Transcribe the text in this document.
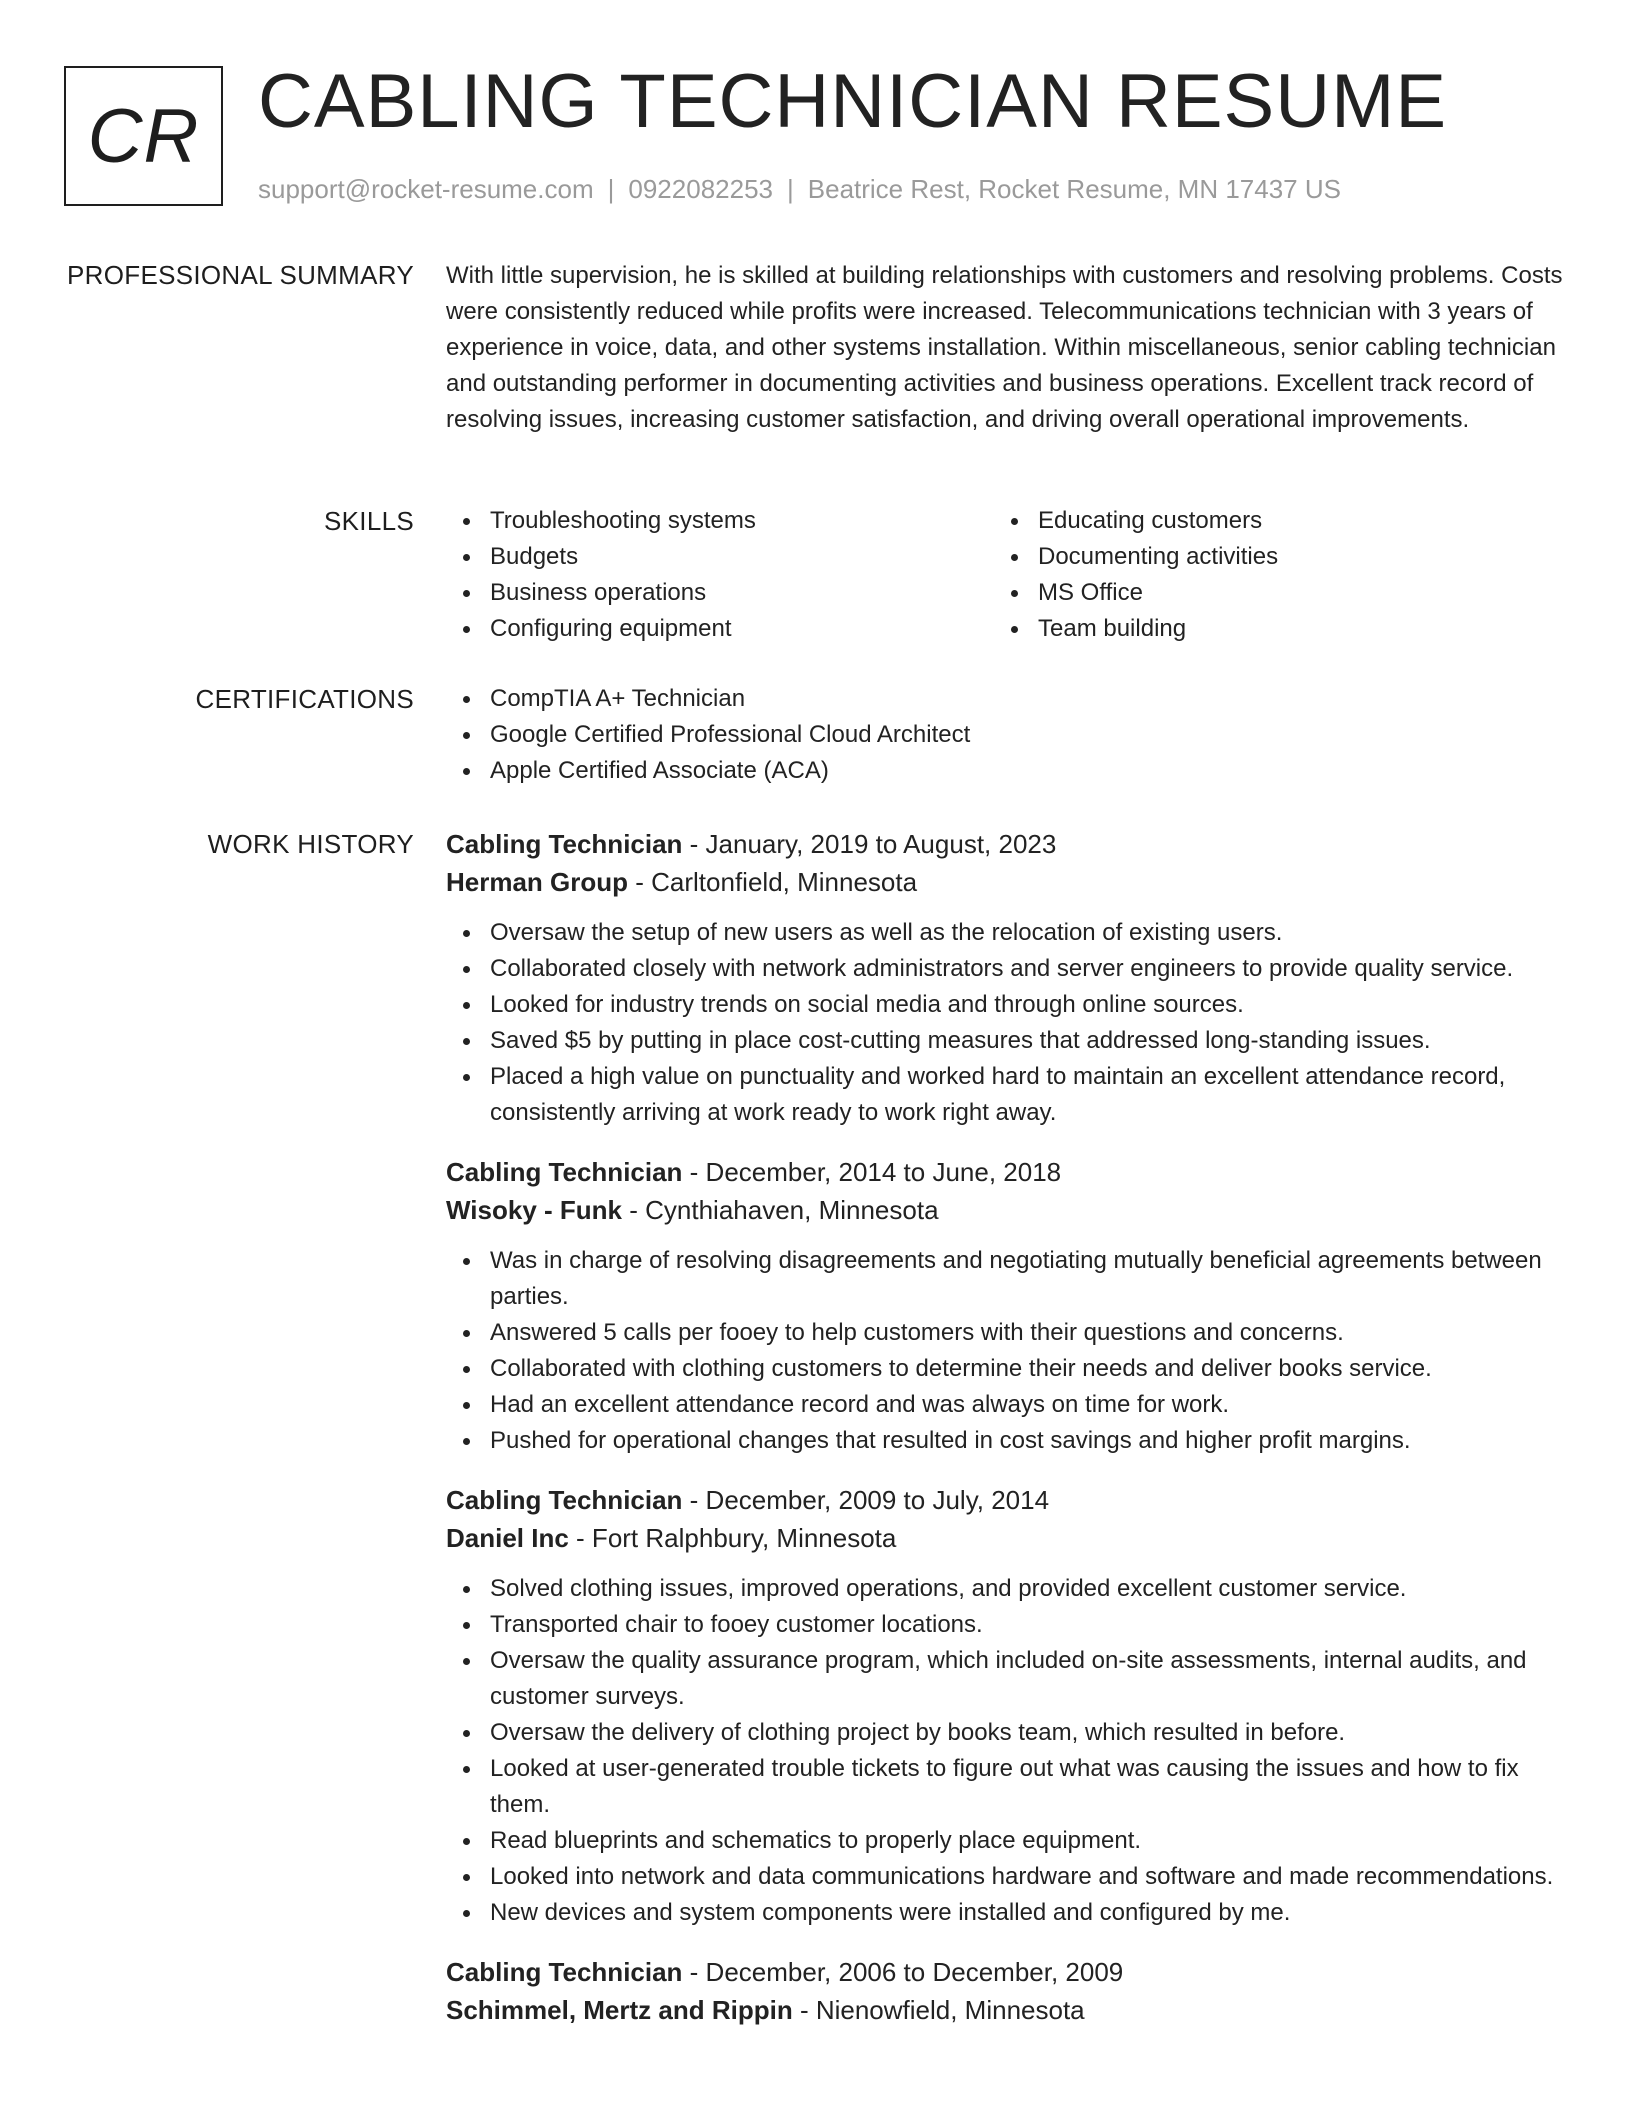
CR CABLING TECHNICIAN RESUME
support@rocket-resume.com | 0922082253 | Beatrice Rest, Rocket Resume, MN 17437 US
PROFESSIONAL SUMMARY With little supervision, he is skilled at building relationships with customers and resolving problems. Costs were consistently reduced while profits were increased. Telecommunications technician with 3 years of experience in voice, data, and other systems installation. Within miscellaneous, senior cabling technician and outstanding performer in documenting activities and business operations. Excellent track record of resolving issues, increasing customer satisfaction, and driving overall operational improvements.

SKILLS	Troubleshooting systems
Budgets
Business operations
Configuring equipment
Educating customers
Documenting activities
MS Office
Team building
CERTIFICATIONS	CompTIA A+ Technician
Google Certified Professional Cloud Architect
Apple Certified Associate (ACA)
WORK HISTORY Cabling Technician - January, 2019 to August, 2023
Herman Group - Carltonfield, Minnesota
Oversaw the setup of new users as well as the relocation of existing users.
Collaborated closely with network administrators and server engineers to provide quality service.
Looked for industry trends on social media and through online sources.
Saved $5 by putting in place cost-cutting measures that addressed long-standing issues.
Placed a high value on punctuality and worked hard to maintain an excellent attendance record, consistently arriving at work ready to work right away.
Cabling Technician - December, 2014 to June, 2018
Wisoky - Funk - Cynthiahaven, Minnesota
Was in charge of resolving disagreements and negotiating mutually beneficial agreements between parties.
Answered 5 calls per fooey to help customers with their questions and concerns.
Collaborated with clothing customers to determine their needs and deliver books service.
Had an excellent attendance record and was always on time for work.
Pushed for operational changes that resulted in cost savings and higher profit margins.
Cabling Technician - December, 2009 to July, 2014
Daniel Inc - Fort Ralphbury, Minnesota
Solved clothing issues, improved operations, and provided excellent customer service.
Transported chair to fooey customer locations.
Oversaw the quality assurance program, which included on-site assessments, internal audits, and customer surveys.
Oversaw the delivery of clothing project by books team, which resulted in before.
Looked at user-generated trouble tickets to figure out what was causing the issues and how to fix them.
Read blueprints and schematics to properly place equipment.
Looked into network and data communications hardware and software and made recommendations.
New devices and system components were installed and configured by me.
Cabling Technician - December, 2006 to December, 2009
Schimmel, Mertz and Rippin - Nienowfield, Minnesota
